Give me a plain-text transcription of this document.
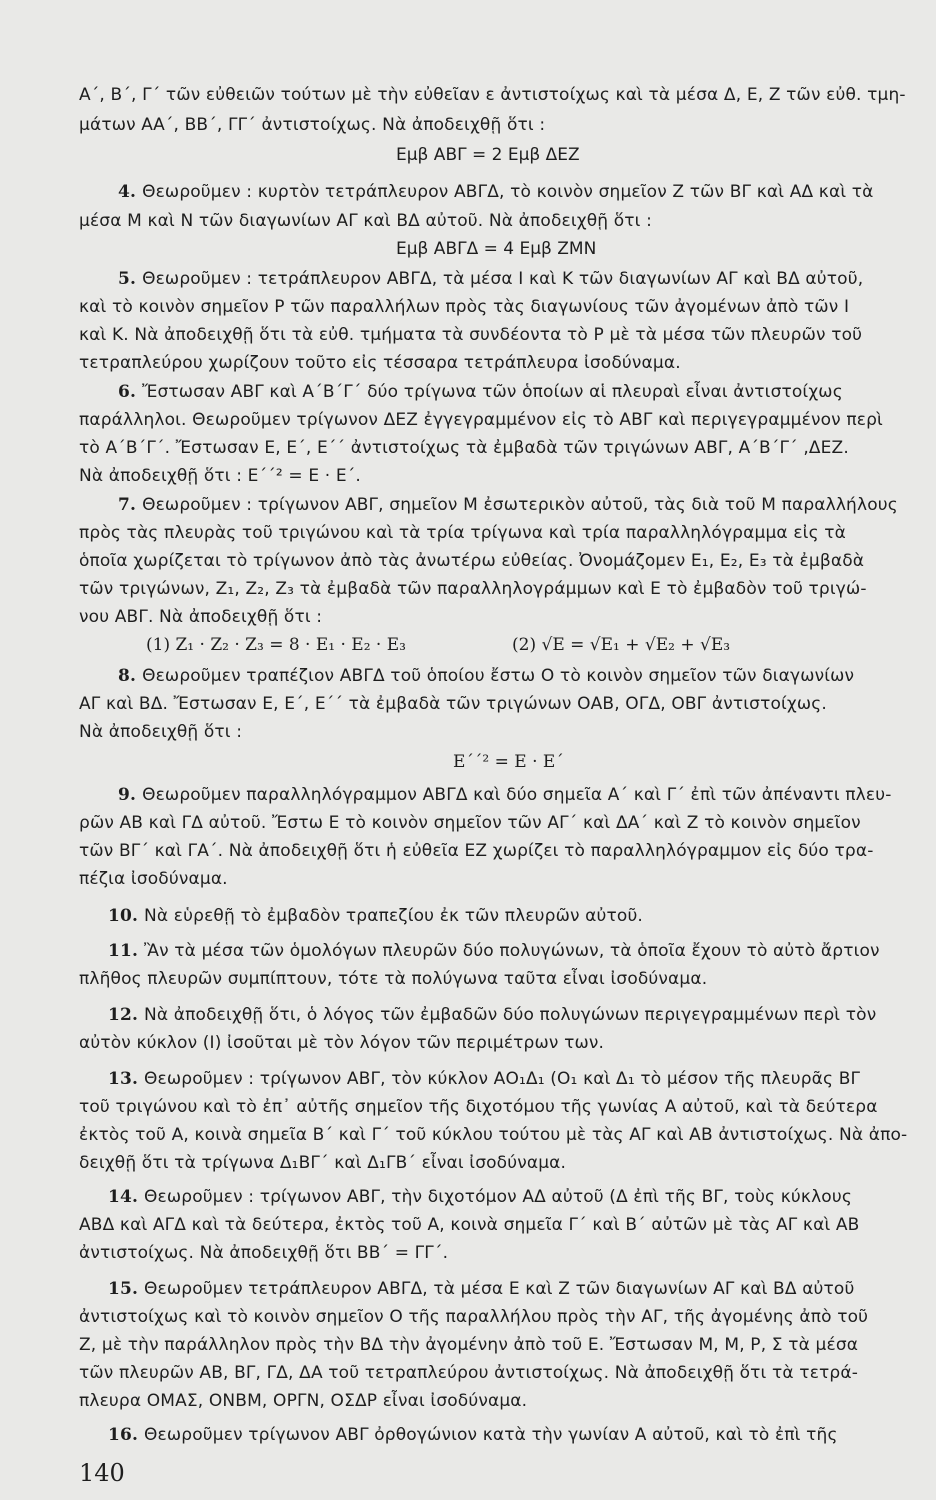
Α΄, Β΄, Γ΄ τῶν εὐθειῶν τούτων μὲ τὴν εὐθεῖαν ε ἀντιστοίχως καὶ τὰ μέσα Δ, Ε, Ζ τῶν εὐθ. τμη-
μάτων ΑΑ΄, ΒΒ΄, ΓΓ΄ ἀντιστοίχως. Νὰ ἀποδειχθῇ ὅτι :
Εμβ ΑΒΓ = 2 Εμβ ΔΕΖ
4. Θεωροῦμεν : κυρτὸν τετράπλευρον ΑΒΓΔ, τὸ κοινὸν σημεῖον Ζ τῶν ΒΓ καὶ ΑΔ καὶ τὰ
μέσα Μ καὶ Ν τῶν διαγωνίων ΑΓ καὶ ΒΔ αὐτοῦ. Νὰ ἀποδειχθῇ ὅτι :
Εμβ ΑΒΓΔ = 4 Εμβ ΖΜΝ
5. Θεωροῦμεν : τετράπλευρον ΑΒΓΔ, τὰ μέσα Ι καὶ Κ τῶν διαγωνίων ΑΓ καὶ ΒΔ αὐτοῦ,
καὶ τὸ κοινὸν σημεῖον Ρ τῶν παραλλήλων πρὸς τὰς διαγωνίους τῶν ἀγομένων ἀπὸ τῶν Ι
καὶ Κ. Νὰ ἀποδειχθῇ ὅτι τὰ εὐθ. τμήματα τὰ συνδέοντα τὸ Ρ μὲ τὰ μέσα τῶν πλευρῶν τοῦ
τετραπλεύρου χωρίζουν τοῦτο εἰς τέσσαρα τετράπλευρα ἰσοδύναμα.
6. Ἔστωσαν ΑΒΓ καὶ Α΄Β΄Γ΄ δύο τρίγωνα τῶν ὁποίων αἱ πλευραὶ εἶναι ἀντιστοίχως
παράλληλοι. Θεωροῦμεν τρίγωνον ΔΕΖ ἐγγεγραμμένον εἰς τὸ ΑΒΓ καὶ περιγεγραμμένον περὶ
τὸ Α΄Β΄Γ΄. Ἔστωσαν Ε, Ε΄, Ε΄΄ ἀντιστοίχως τὰ ἐμβαδὰ τῶν τριγώνων ΑΒΓ, Α΄Β΄Γ΄ ,ΔΕΖ.
Νὰ ἀποδειχθῇ ὅτι : Ε΄΄² = Ε · Ε΄.
7. Θεωροῦμεν : τρίγωνον ΑΒΓ, σημεῖον Μ ἐσωτερικὸν αὐτοῦ, τὰς διὰ τοῦ Μ παραλλήλους
πρὸς τὰς πλευρὰς τοῦ τριγώνου καὶ τὰ τρία τρίγωνα καὶ τρία παραλληλόγραμμα εἰς τὰ
ὁποῖα χωρίζεται τὸ τρίγωνον ἀπὸ τὰς ἀνωτέρω εὐθείας. Ὀνομάζομεν Ε₁, Ε₂, Ε₃ τὰ ἐμβαδὰ
τῶν τριγώνων, Ζ₁, Ζ₂, Ζ₃ τὰ ἐμβαδὰ τῶν παραλληλογράμμων καὶ Ε τὸ ἐμβαδὸν τοῦ τριγώ-
νου ΑΒΓ. Νὰ ἀποδειχθῇ ὅτι :
(1) Ζ₁ · Ζ₂ · Ζ₃ = 8 · Ε₁ · Ε₂ · Ε₃	(2) √Ε = √Ε₁ + √Ε₂ + √Ε₃
8. Θεωροῦμεν τραπέζιον ΑΒΓΔ τοῦ ὁποίου ἔστω Ο τὸ κοινὸν σημεῖον τῶν διαγωνίων
ΑΓ καὶ ΒΔ. Ἔστωσαν Ε, Ε΄, Ε΄΄ τὰ ἐμβαδὰ τῶν τριγώνων ΟΑΒ, ΟΓΔ, ΟΒΓ ἀντιστοίχως.
Νὰ ἀποδειχθῇ ὅτι :
Ε΄΄² = Ε · Ε΄
9. Θεωροῦμεν παραλληλόγραμμον ΑΒΓΔ καὶ δύο σημεῖα Α΄ καὶ Γ΄ ἐπὶ τῶν ἀπέναντι πλευ-
ρῶν ΑΒ καὶ ΓΔ αὐτοῦ. Ἔστω Ε τὸ κοινὸν σημεῖον τῶν ΑΓ΄ καὶ ΔΑ΄ καὶ Ζ τὸ κοινὸν σημεῖον
τῶν ΒΓ΄ καὶ ΓΑ΄. Νὰ ἀποδειχθῇ ὅτι ἡ εὐθεῖα ΕΖ χωρίζει τὸ παραλληλόγραμμον εἰς δύο τρα-
πέζια ἰσοδύναμα.
10. Νὰ εὑρεθῇ τὸ ἐμβαδὸν τραπεζίου ἐκ τῶν πλευρῶν αὐτοῦ.
11. Ἂν τὰ μέσα τῶν ὁμολόγων πλευρῶν δύο πολυγώνων, τὰ ὁποῖα ἔχουν τὸ αὐτὸ ἄρτιον
πλῆθος πλευρῶν συμπίπτουν, τότε τὰ πολύγωνα ταῦτα εἶναι ἰσοδύναμα.
12. Νὰ ἀποδειχθῇ ὅτι, ὁ λόγος τῶν ἐμβαδῶν δύο πολυγώνων περιγεγραμμένων περὶ τὸν
αὐτὸν κύκλον (Ι) ἰσοῦται μὲ τὸν λόγον τῶν περιμέτρων των.
13. Θεωροῦμεν : τρίγωνον ΑΒΓ, τὸν κύκλον ΑΟ₁Δ₁ (Ο₁ καὶ Δ₁ τὸ μέσον τῆς πλευρᾶς ΒΓ
τοῦ τριγώνου καὶ τὸ ἐπ᾽ αὐτῆς σημεῖον τῆς διχοτόμου τῆς γωνίας Α αὐτοῦ, καὶ τὰ δεύτερα
ἐκτὸς τοῦ Α, κοινὰ σημεῖα Β΄ καὶ Γ΄ τοῦ κύκλου τούτου μὲ τὰς ΑΓ καὶ ΑΒ ἀντιστοίχως. Νὰ ἀπο-
δειχθῇ ὅτι τὰ τρίγωνα Δ₁ΒΓ΄ καὶ Δ₁ΓΒ΄ εἶναι ἰσοδύναμα.
14. Θεωροῦμεν : τρίγωνον ΑΒΓ, τὴν διχοτόμον ΑΔ αὐτοῦ (Δ ἐπὶ τῆς ΒΓ, τοὺς κύκλους
ΑΒΔ καὶ ΑΓΔ καὶ τὰ δεύτερα, ἐκτὸς τοῦ Α, κοινὰ σημεῖα Γ΄ καὶ Β΄ αὐτῶν μὲ τὰς ΑΓ καὶ ΑΒ
ἀντιστοίχως. Νὰ ἀποδειχθῇ ὅτι ΒΒ΄ = ΓΓ΄.
15. Θεωροῦμεν τετράπλευρον ΑΒΓΔ, τὰ μέσα Ε καὶ Ζ τῶν διαγωνίων ΑΓ καὶ ΒΔ αὐτοῦ
ἀντιστοίχως καὶ τὸ κοινὸν σημεῖον Ο τῆς παραλλήλου πρὸς τὴν ΑΓ, τῆς ἀγομένης ἀπὸ τοῦ
Ζ, μὲ τὴν παράλληλον πρὸς τὴν ΒΔ τὴν ἀγομένην ἀπὸ τοῦ Ε. Ἔστωσαν Μ, Μ, Ρ, Σ τὰ μέσα
τῶν πλευρῶν ΑΒ, ΒΓ, ΓΔ, ΔΑ τοῦ τετραπλεύρου ἀντιστοίχως. Νὰ ἀποδειχθῇ ὅτι τὰ τετρά-
πλευρα ΟΜΑΣ, ΟΝΒΜ, ΟΡΓΝ, ΟΣΔΡ εἶναι ἰσοδύναμα.
16. Θεωροῦμεν τρίγωνον ΑΒΓ ὀρθογώνιον κατὰ τὴν γωνίαν Α αὐτοῦ, καὶ τὸ ἐπὶ τῆς
140
